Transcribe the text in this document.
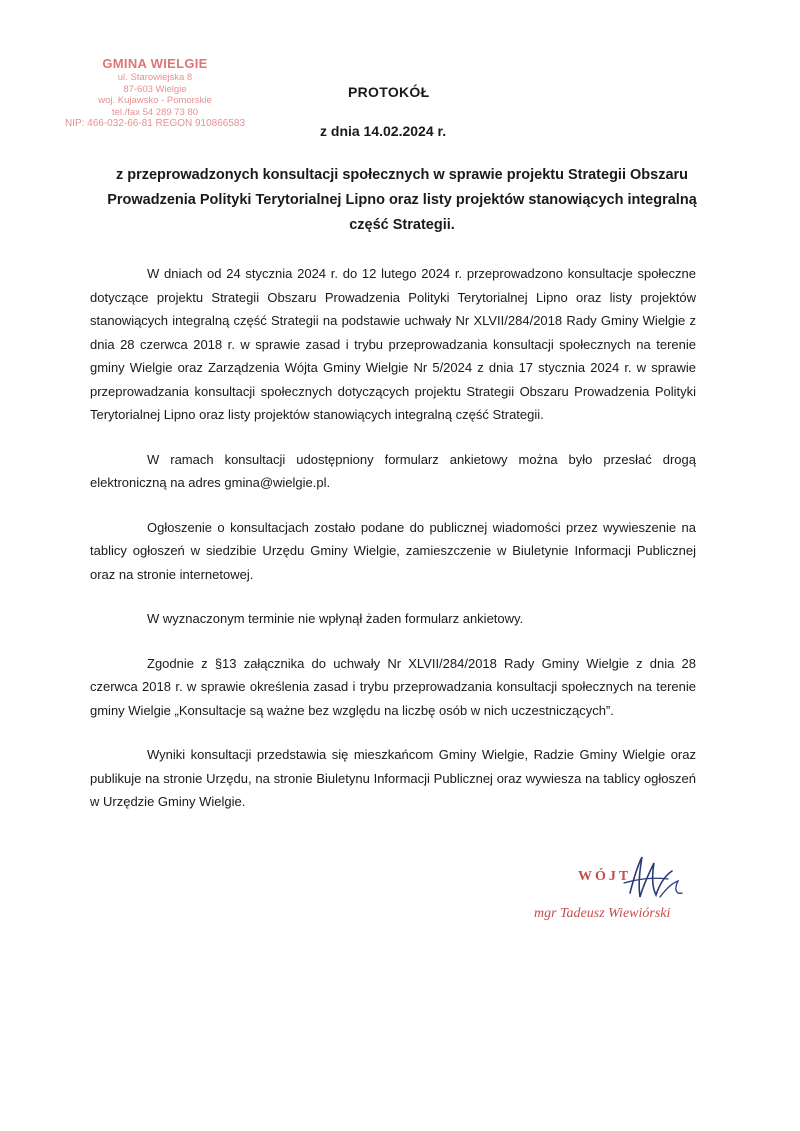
GMINA WIELGIE
ul. Starowiejska 8
87-603 Wielgie
woj. Kujawsko - Pomorskie
tel./fax 54 289 73 80
NIP: 466-032-66-81 REGON 910866583
PROTOKÓŁ
z dnia 14.02.2024 r.
z przeprowadzonych konsultacji społecznych w sprawie projektu Strategii Obszaru Prowadzenia Polityki Terytorialnej Lipno oraz listy projektów stanowiących integralną część Strategii.

W dniach od 24 stycznia 2024 r. do 12 lutego 2024 r. przeprowadzono konsultacje społeczne dotyczące projektu Strategii Obszaru Prowadzenia Polityki Terytorialnej Lipno oraz listy projektów stanowiących integralną część Strategii na podstawie uchwały Nr XLVII/284/2018 Rady Gminy Wielgie z dnia 28 czerwca 2018 r. w sprawie zasad i trybu przeprowadzania konsultacji społecznych na terenie gminy Wielgie oraz Zarządzenia Wójta Gminy Wielgie Nr 5/2024 z dnia 17 stycznia 2024 r. w sprawie przeprowadzania konsultacji społecznych dotyczących projektu Strategii Obszaru Prowadzenia Polityki Terytorialnej Lipno oraz listy projektów stanowiących integralną część Strategii.

W ramach konsultacji udostępniony formularz ankietowy można było przesłać drogą elektroniczną na adres gmina@wielgie.pl.

Ogłoszenie o konsultacjach zostało podane do publicznej wiadomości przez wywieszenie na tablicy ogłoszeń w siedzibie Urzędu Gminy Wielgie, zamieszczenie w Biuletynie Informacji Publicznej oraz na stronie internetowej.

W wyznaczonym terminie nie wpłynął żaden formularz ankietowy.

Zgodnie z §13 załącznika do uchwały Nr XLVII/284/2018 Rady Gminy Wielgie z dnia 28 czerwca 2018 r. w sprawie określenia zasad i trybu przeprowadzania konsultacji społecznych na terenie gminy Wielgie „Konsultacje są ważne bez względu na liczbę osób w nich uczestniczących”.

Wyniki konsultacji przedstawia się mieszkańcom Gminy Wielgie, Radzie Gminy Wielgie oraz publikuje na stronie Urzędu, na stronie Biuletynu Informacji Publicznej oraz wywiesza na tablicy ogłoszeń w Urzędzie Gminy Wielgie.

WÓJT
mgr Tadeusz Wiewiórski
